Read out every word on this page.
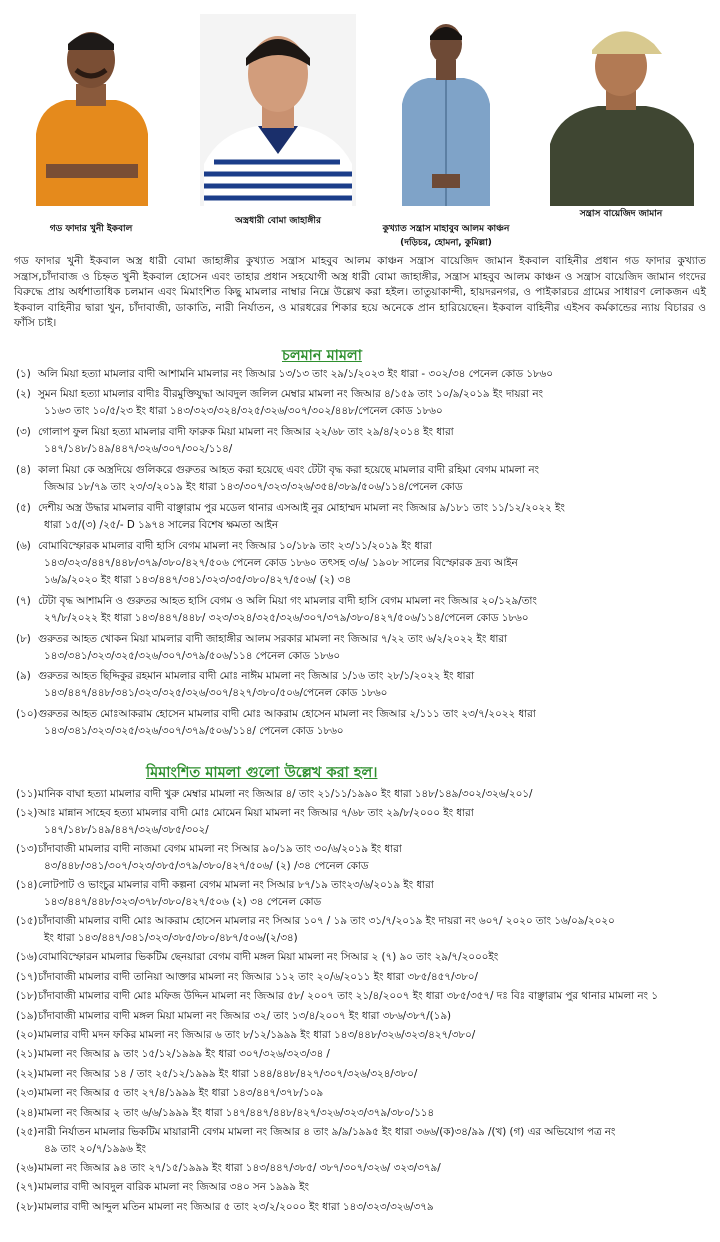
গড ফাদার খুনী ইকবাল
অস্ত্রধারী বোমা জাহাঙ্গীর
কুখ্যাত সন্ত্রাস মাহাবুব আলম কাঞ্চন
(দড়িচর, হোমনা, কুমিল্লা)
সন্ত্রাস বায়েজিদ জামান
গড ফাদার খুনী ইকবাল অস্ত্র ধারী বোমা জাহাঙ্গীর কুখ্যাত সন্ত্রাস মাহবুব আলম কাঞ্চন সন্ত্রাস বায়েজিদ জামান ইকবাল বাহিনীর প্রধান গড ফাদার কুখ্যাত সন্ত্রাস,চাঁদাবাজ ও চিহ্নত খুনী ইকবাল হোসেন এবং তাহার প্রধান সহযোগী অস্ত্র ধারী বোমা জাহাঙ্গীর, সন্ত্রাস মাহবুব আলম কাঞ্চন ও সন্ত্রাস বায়েজিদ জামান গংদের বিরুদ্ধে প্রায় অর্ধশাতাধিক চলমান এবং মিমাংশিত কিছু মামলার নাম্বার নিম্নে উল্লেখ করা হইল। তাতুয়াকান্দী, হায়দরনগর, ও পাইকারচর গ্রামের সাধারণ লোকজন এই ইকবাল বাহিনীর দ্বারা খুন, চাঁদাবাজী, ডাকাতি, নারী নির্যাতন, ও মারধরের শিকার হয়ে অনেকে প্রান হারিয়েছেন। ইকবাল বাহিনীর এইসব কর্মকান্ডের ন্যায় বিচারর ও ফাঁসি চাই।
চলমান মামলা
(১) অলি মিয়া হত্যা মামলার বাদী আশামনি মামলার নং জিআর ১৩/১৩ তাং ২৯/১/২০২৩ ইং ধারা - ৩০২/৩৪ পেনেল কোড ১৮৬০
(২) সুমন মিয়া হত্যা মামলার বাদীঃ বীরমুক্তিযুদ্ধা আবদুল জলিল মেম্বার মামলা নং জিআর ৪/১৫৯ তাং ১০/৯/২০১৯ ইং দায়রা নং
১১৬৩ তাং ১০/৫/২৩ ইং ধারা ১৪৩/৩২৩/৩২৪/৩২৫/৩২৬/৩০৭/৩০২/৪৪৮/পেনেল কোড ১৮৬০
(৩) গোলাপ ফুল মিয়া হত্যা মামলার বাদী ফারুক মিয়া মামলা নং জিআর ২২/৬৮ তাং ২৯/৪/২০১৪ ইং ধারা
১৪৭/১৪৮/১৪৯/৪৪৭/৩২৬/৩০৭/৩০২/১১৪/
(৪) কালা মিয়া কে অস্ত্রদিয়ে গুলিকরে গুরুতর আহত করা হয়েছে এবং টেটা বৃদ্ধ করা হয়েছে মামলার বাদী রহিমা বেগম মামলা নং
জিআর ১৮/৭৯ তাং ২৩/৩/২০১৯ ইং ধারা ১৪৩/৩০৭/৩২৩/৩২৬/৩৫৪/৩৮৯/৫০৬/১১৪/পেনেল কোড
(৫) দেশীয় অস্ত্র উদ্ধার মামলার বাদী বাঞ্ছারাম পুর মডেল থানার এসআই নুর মোহাম্মদ মামলা নং জিআর ৯/১৮১ তাং ১১/১২/২০২২ ইং
ধারা ১৫/(৩) /২৫/- D ১৯৭৪ সালের বিশেষ ক্ষমতা আইন
(৬) বোমাবিস্ফোরক মামলার বাদী হাসি বেগম মামলা নং জিআর ১০/১৮৯ তাং ২৩/১১/২০১৯ ইং ধারা
১৪৩/৩২৩/৪৪৭/৪৪৮/৩৭৯/৩৮০/৪২৭/৫০৬ পেনেল কোড ১৮৬০ তৎসহ ৩/৬/ ১৯০৮ সালের বিস্ফোরক দ্রব্য আইন
১৬/৯/২০২০ ইং ধারা ১৪৩/৪৪৭/৩৪১/৩২৩/৩৫/৩৮০/৪২৭/৫০৬/ (২) ৩৪
(৭) টেটা বৃদ্ধ আশামনি ও গুরুতর আহত হাসি বেগম ও অলি মিয়া গং মামলার বাদী হাসি বেগম মামলা নং জিআর ২০/১২৯/তাং
২৭/৮/২০২২ ইং ধারা ১৪৩/৪৪৭/৪৪৮/ ৩২৩/৩২৪/৩২৫/৩২৬/৩০৭/৩৭৯/৩৮০/৪২৭/৫০৬/১১৪/পেনেল কোড ১৮৬০
(৮) গুরুতর আহত খোকন মিয়া মামলার বাদী জাহাঙ্গীর আলম সরকার মামলা নং জিআর ৭/২২ তাং ৬/২/২০২২ ইং ধারা
১৪৩/৩৪১/৩২৩/৩২৫/৩২৬/৩০৭/৩৭৯/৫০৬/১১৪ পেনেল কোড ১৮৬০
(৯) গুরুতর আহত ছিদ্দিকুর রহমান মামলার বাদী মোঃ নাঈম মামলা নং জিআর ১/১৬ তাং ২৮/১/২০২২ ইং ধারা
১৪৩/৪৪৭/৪৪৮/৩৪১/৩২৩/৩২৫/৩২৬/৩০৭/৪২৭/৩৮০/৫০৬/পেনেল কোড ১৮৬০
(১০)গুরুতর আহত মোঃআকরাম হোসেন মামলার বাদী মোঃ আকরাম হোসেন মামলা নং জিআর ২/১১১ তাং ২৩/৭/২০২২ ধারা
১৪৩/৩৪১/৩২৩/৩২৫/৩২৬/৩০৭/৩৭৯/৫০৬/১১৪/ পেনেল কোড ১৮৬০
মিমাংশিত মামলা গুলো উল্লেখ করা হল।
(১১)মানিক বাঘা হত্যা মামলার বাদী খুরু মেম্বার মামলা নং জিআর ৪/ তাং ২১/১১/১৯৯০ ইং ধারা ১৪৮/১৪৯/৩০২/৩২৬/২০১/
(১২)আঃ মান্নান সাহেব হত্যা মামলার বাদী মোঃ মোমেন মিয়া মামলা নং জিআর ৭/৬৮ তাং ২৯/৮/২০০০ ইং ধারা
১৪৭/১৪৮/১৪৯/৪৪৭/৩২৬/৩৮৫/৩০২/
(১৩)চাঁদাবাজী মামলার বাদী নাজমা বেগম মামলা নং সিআর ৯০/১৯ তাং ৩০/৬/২০১৯ ইং ধারা
৪৩/৪৪৮/৩৪১/৩০৭/৩২৩/৩৮৫/৩৭৯/৩৮০/৪২৭/৫০৬/ (২) /৩৪ পেনেল কোড
(১৪)লোটপাট ও ভাংচুর মামলার বাদী কল্পনা বেগম মামলা নং সিআর ৮৭/১৯ তাং২৩/৬/২০১৯ ইং ধারা
১৪৩/৪৪৭/৪৪৮/৩২৩/৩৭৮/৩৮০/৪২৭/৫০৬ (২) ৩৪ পেনেল কোড
(১৫)চাঁদাবাজী মামলার বাদী মোঃ আকরাম হোসেন মামলার নং সিআর ১০৭ / ১৯ তাং ৩১/৭/২০১৯ ইং দায়রা নং ৬০৭/ ২০২০ তাং ১৬/০৯/২০২০
ইং ধারা ১৪৩/৪৪৭/৩৪১/৩২৩/৩৮৫/৩৮০/৪৮৭/৫০৬/(২/৩৪)
(১৬)বোমাবিস্ফোরন মামলার ভিকটিম ছেনয়ারা বেগম বাদী মঙ্গল মিয়া মামলা নং সিআর ২ (৭) ৯০ তাং ২৯/৭/২০০০ইং
(১৭)চাঁদাবাজী মামলার বাদী তানিয়া আক্তার মামলা নং জিআর ১১২ তাং ২০/৬/২০১১ ইং ধারা ৩৮৫/৪৫৭/৩৮০/
(১৮)চাঁদাবাজী মামলার বাদী মোঃ মফিজ উদ্দিন মামলা নং জিআর ৫৮/ ২০০৭ তাং ২১/৪/২০০৭ ইং ধারা ৩৮৫/৩৫৭/ দঃ বিঃ বাঞ্ছারাম পুর থানার মামলা নং ১
(১৯)চাঁদাবাজী মামলার বাদী মঙ্গল মিয়া মামলা নং জিআর ৩২/ তাং ১৩/৪/২০০৭ ইং ধারা ৩৮৬/৩৮৭/(১৯)
(২০)মামলার বাদী মদন ফকির মামলা নং জিআর ৬ তাং ৮/১২/১৯৯৯ ইং ধারা ১৪৩/৪৪৮/৩২৬/৩২৩/৪২৭/৩৮০/
(২১)মামলা নং জিআর ৯ তাং ১৫/১২/১৯৯৯ ইং ধারা ৩০৭/৩২৬/৩২৩/৩৪ /
(২২)মামলা নং জিআর ১৪ / তাং ২৫/১২/১৯৯৯ ইং ধারা ১৪৪/৪৪৮/৪২৭/৩০৭/৩২৬/৩২৪/৩৮০/
(২৩)মামলা নং জিআর ৫ তাং ২৭/৪/১৯৯৯ ইং ধারা ১৪৩/৪৪৭/৩৭৮/১০৯
(২৪)মামলা নং জিআর ২ তাং ৬/৬/১৯৯৯ ইং ধারা ১৪৭/৪৪৭/৪৪৮/৪২৭/৩২৬/৩২৩/৩৭৯/৩৮০/১১৪
(২৫)নারী নির্যাতন মামলার ভিকটিম মায়ারানী বেগম মামলা নং জিআর ৪ তাং ৯/৯/১৯৯৫ ইং ধারা ৩৬৬/(ক)৩৪/৯৯ /(খ) (গ) এর অভিযোগ পত্র নং
৪৯ তাং ২০/৭/১৯৯৬ ইং
(২৬)মামলা নং জিআর ৯৪ তাং ২৭/১৫/১৯৯৯ ইং ধারা ১৪৩/৪৪৭/৩৮৫/ ৩৮৭/৩০৭/৩২৬/ ৩২৩/৩৭৯/
(২৭)মামলার বাদী আবদুল বারিক মামলা নং জিআর ৩৪০ সন ১৯৯৯ ইং
(২৮)মামলার বাদী আব্দুল মতিন মামলা নং জিআর ৫ তাং ২৩/২/২০০০ ইং ধারা ১৪৩/৩২৩/৩২৬/৩৭৯
